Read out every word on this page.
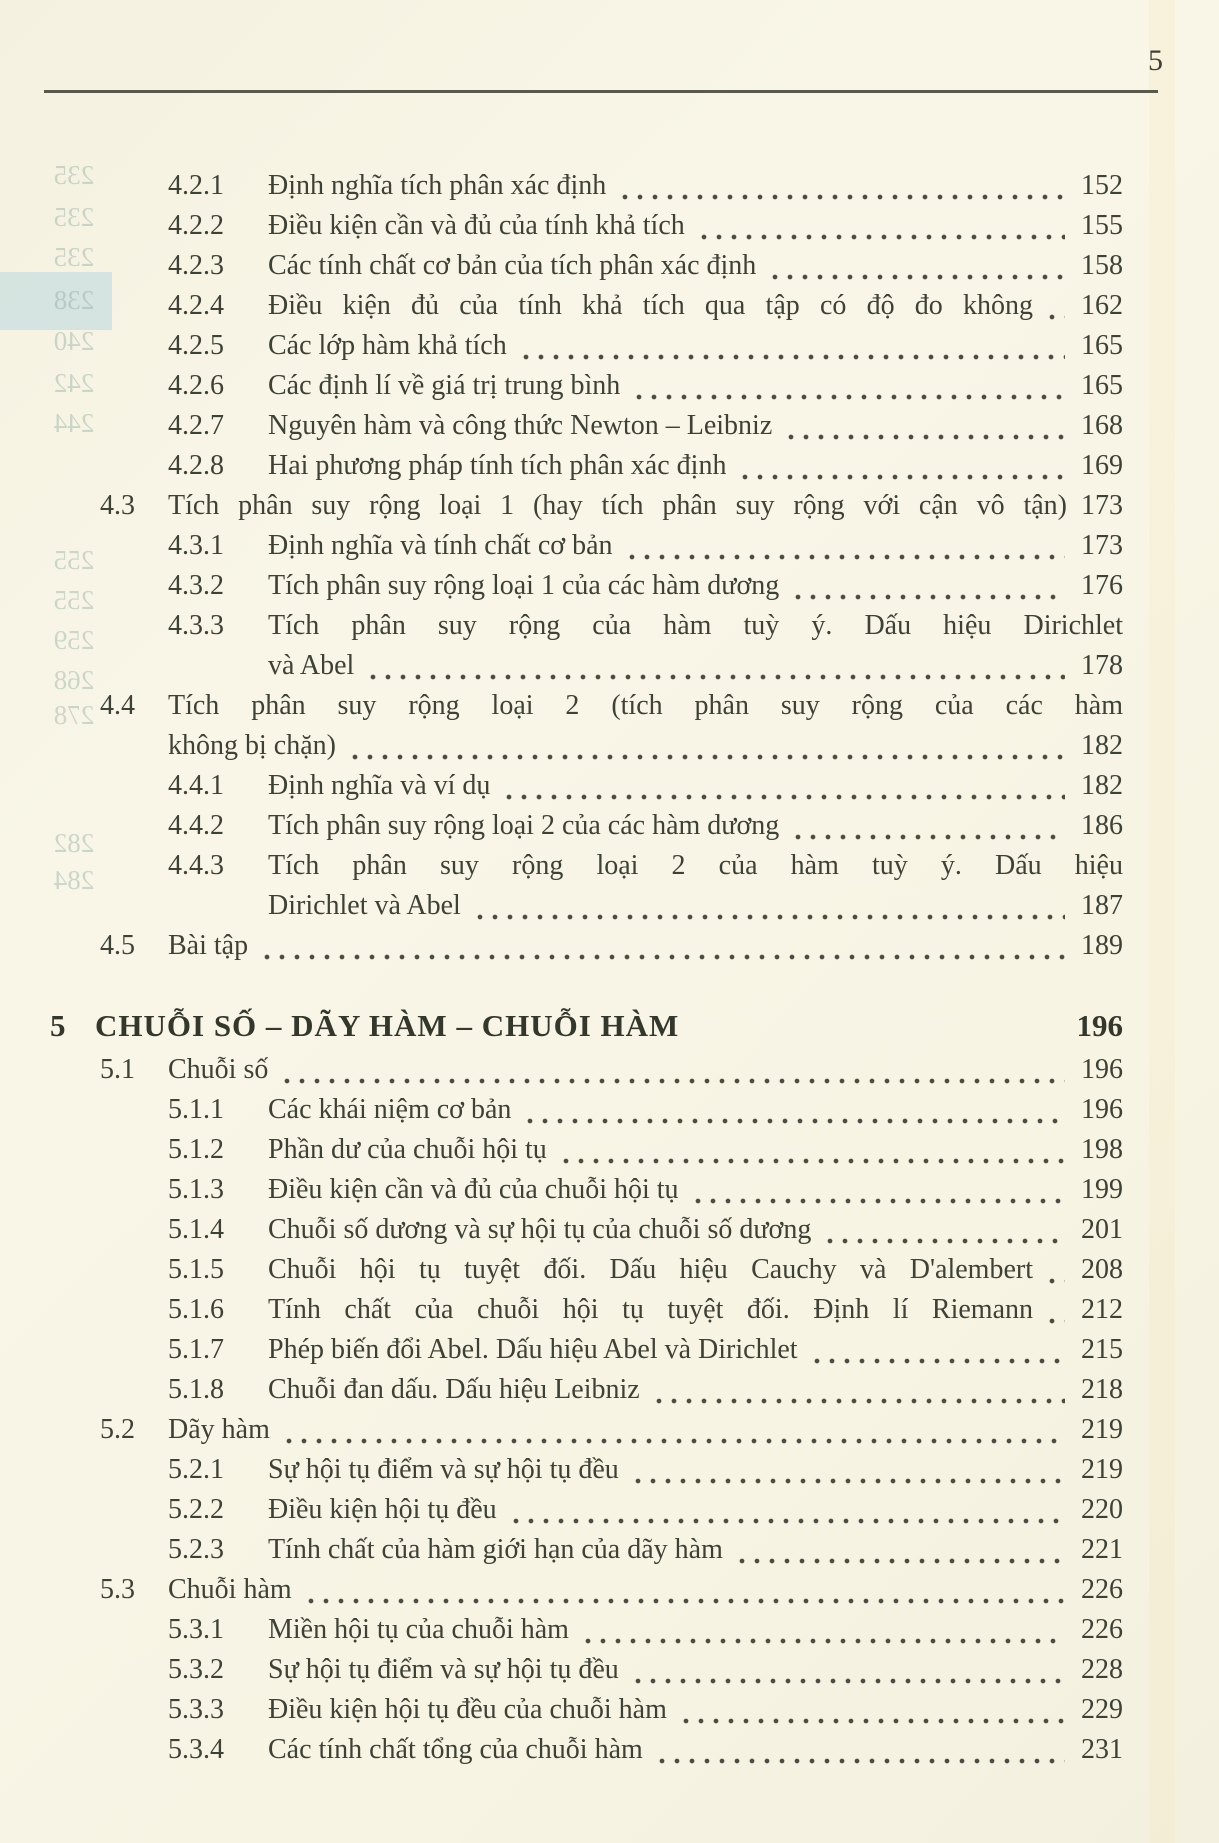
5
4.2.1	Định nghĩa tích phân xác định	152
4.2.2	Điều kiện cần và đủ của tính khả tích	155
4.2.3	Các tính chất cơ bản của tích phân xác định	158
4.2.4	Điều kiện đủ của tính khả tích qua tập có độ đo không	162
4.2.5	Các lớp hàm khả tích	165
4.2.6	Các định lí về giá trị trung bình	165
4.2.7	Nguyên hàm và công thức Newton – Leibniz	168
4.2.8	Hai phương pháp tính tích phân xác định	169
4.3	Tích phân suy rộng loại 1 (hay tích phân suy rộng với cận vô tận) 173
4.3.1	Định nghĩa và tính chất cơ bản	173
4.3.2	Tích phân suy rộng loại 1 của các hàm dương	176
4.3.3	Tích phân suy rộng của hàm tuỳ ý. Dấu hiệu Dirichlet
và Abel	178
4.4	Tích phân suy rộng loại 2 (tích phân suy rộng của các hàm
không bị chặn)	182
4.4.1	Định nghĩa và ví dụ	182
4.4.2	Tích phân suy rộng loại 2 của các hàm dương	186
4.4.3	Tích phân suy rộng loại 2 của hàm tuỳ ý. Dấu hiệu
Dirichlet và Abel	187
4.5	Bài tập	189
5 CHUỖI SỐ – DÃY HÀM – CHUỖI HÀM	196
5.1	Chuỗi số	196
5.1.1	Các khái niệm cơ bản	196
5.1.2	Phần dư của chuỗi hội tụ	198
5.1.3	Điều kiện cần và đủ của chuỗi hội tụ	199
5.1.4	Chuỗi số dương và sự hội tụ của chuỗi số dương	201
5.1.5	Chuỗi hội tụ tuyệt đối. Dấu hiệu Cauchy và D'alembert	208
5.1.6	Tính chất của chuỗi hội tụ tuyệt đối. Định lí Riemann	212
5.1.7	Phép biến đổi Abel. Dấu hiệu Abel và Dirichlet	215
5.1.8	Chuỗi đan dấu. Dấu hiệu Leibniz	218
5.2	Dãy hàm	219
5.2.1	Sự hội tụ điểm và sự hội tụ đều	219
5.2.2	Điều kiện hội tụ đều	220
5.2.3	Tính chất của hàm giới hạn của dãy hàm	221
5.3	Chuỗi hàm	226
5.3.1	Miền hội tụ của chuỗi hàm	226
5.3.2	Sự hội tụ điểm và sự hội tụ đều	228
5.3.3	Điều kiện hội tụ đều của chuỗi hàm	229
5.3.4	Các tính chất tổng của chuỗi hàm	231
235
235
235
238
240
242
244
255
255
259
268
278
282
284
